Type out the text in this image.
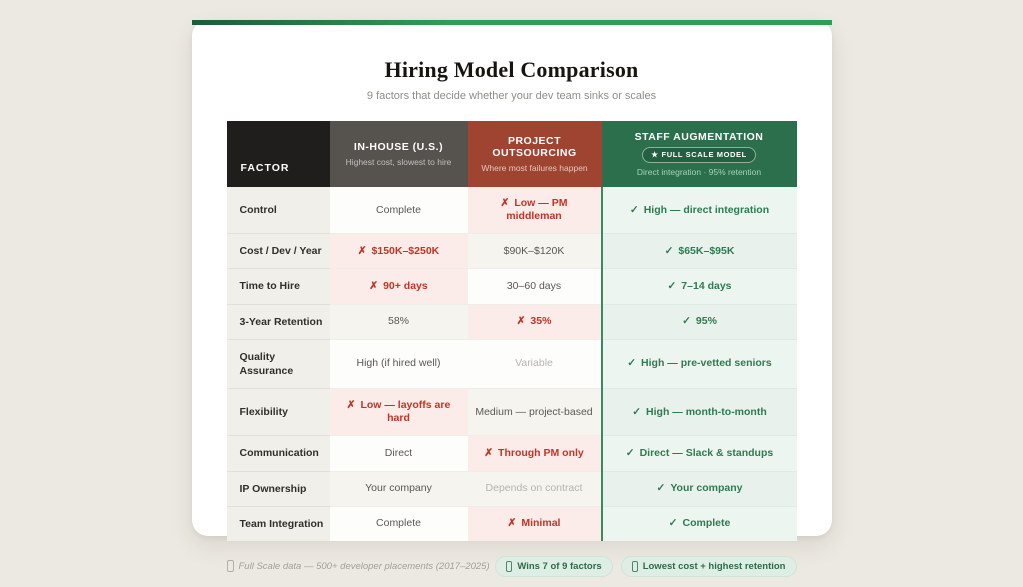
Hiring Model Comparison
9 factors that decide whether your dev team sinks or scales
FACTOR	
IN-HOUSE (U.S.)
Highest cost, slowest to hire

PROJECT OUTSOURCING
Where most failures happen

STAFF AUGMENTATION
★ FULL SCALE MODEL
Direct integration · 95% retention

Control	Complete	✗ Low — PM middleman	✓ High — direct integration
Cost / Dev / Year	✗ $150K–$250K	$90K–$120K	✓ $65K–$95K
Time to Hire	✗ 90+ days	30–60 days	✓ 7–14 days
3-Year Retention	58%	✗ 35%	✓ 95%
Quality Assurance	High (if hired well)	Variable	✓ High — pre-vetted seniors
Flexibility	✗ Low — layoffs are hard	Medium — project-based	✓ High — month-to-month
Communication	Direct	✗ Through PM only	✓ Direct — Slack & standups
IP Ownership	Your company	Depends on contract	✓ Your company
Team Integration	Complete	✗ Minimal	✓ Complete
Full Scale data — 500+ developer placements (2017–2025)	Wins 7 of 9 factors	Lowest cost + highest retention
